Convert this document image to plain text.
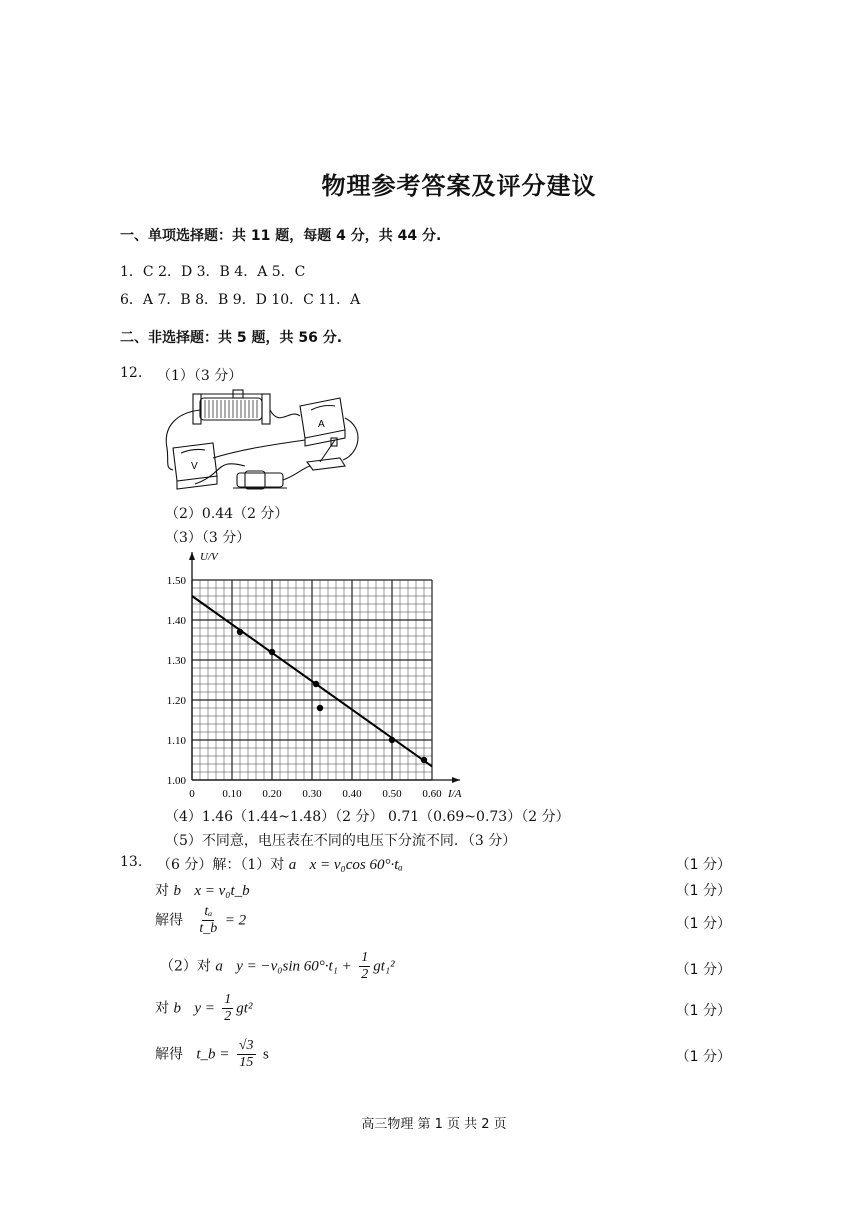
物理参考答案及评分建议
一、单项选择题：共 11 题，每题 4 分，共 44 分.
1．C 2．D 3．B 4．A 5．C
6．A 7．B 8．B 9．D 10．C 11．A
二、非选择题：共 5 题，共 56 分.
12. （1）（3 分）
A
V
（2）0.44（2 分）
（3）（3 分）
0	0.10 0.20 0.30 0.40 0.50 0.60
1.00
1.10
1.20
1.30
1.40
1.50
I/A
U/V
（4）1.46（1.44~1.48）（2 分） 0.71（0.69~0.73）（2 分）
（5）不同意，电压表在不同的电压下分流不同．（3 分）
13. （6 分）解：（1）对 a x = v₀cos 60°·tₐ	（1 分）
对 b x = v₀t_b	（1 分）
解得 $\frac{\text{tₐ}}{t\_b} = 2$	（1 分）
（2）对 a y = −v₀sin $60^\circ\cdot t_1 + \frac{1}{2} gt_1^2$	（1 分）
对 b $y = \frac{1}{2} gt^2$	（1 分）
解得 t_b = $\frac{√3}{15}$ s	（1 分）
高三物理 第 1 页 共 2 页
